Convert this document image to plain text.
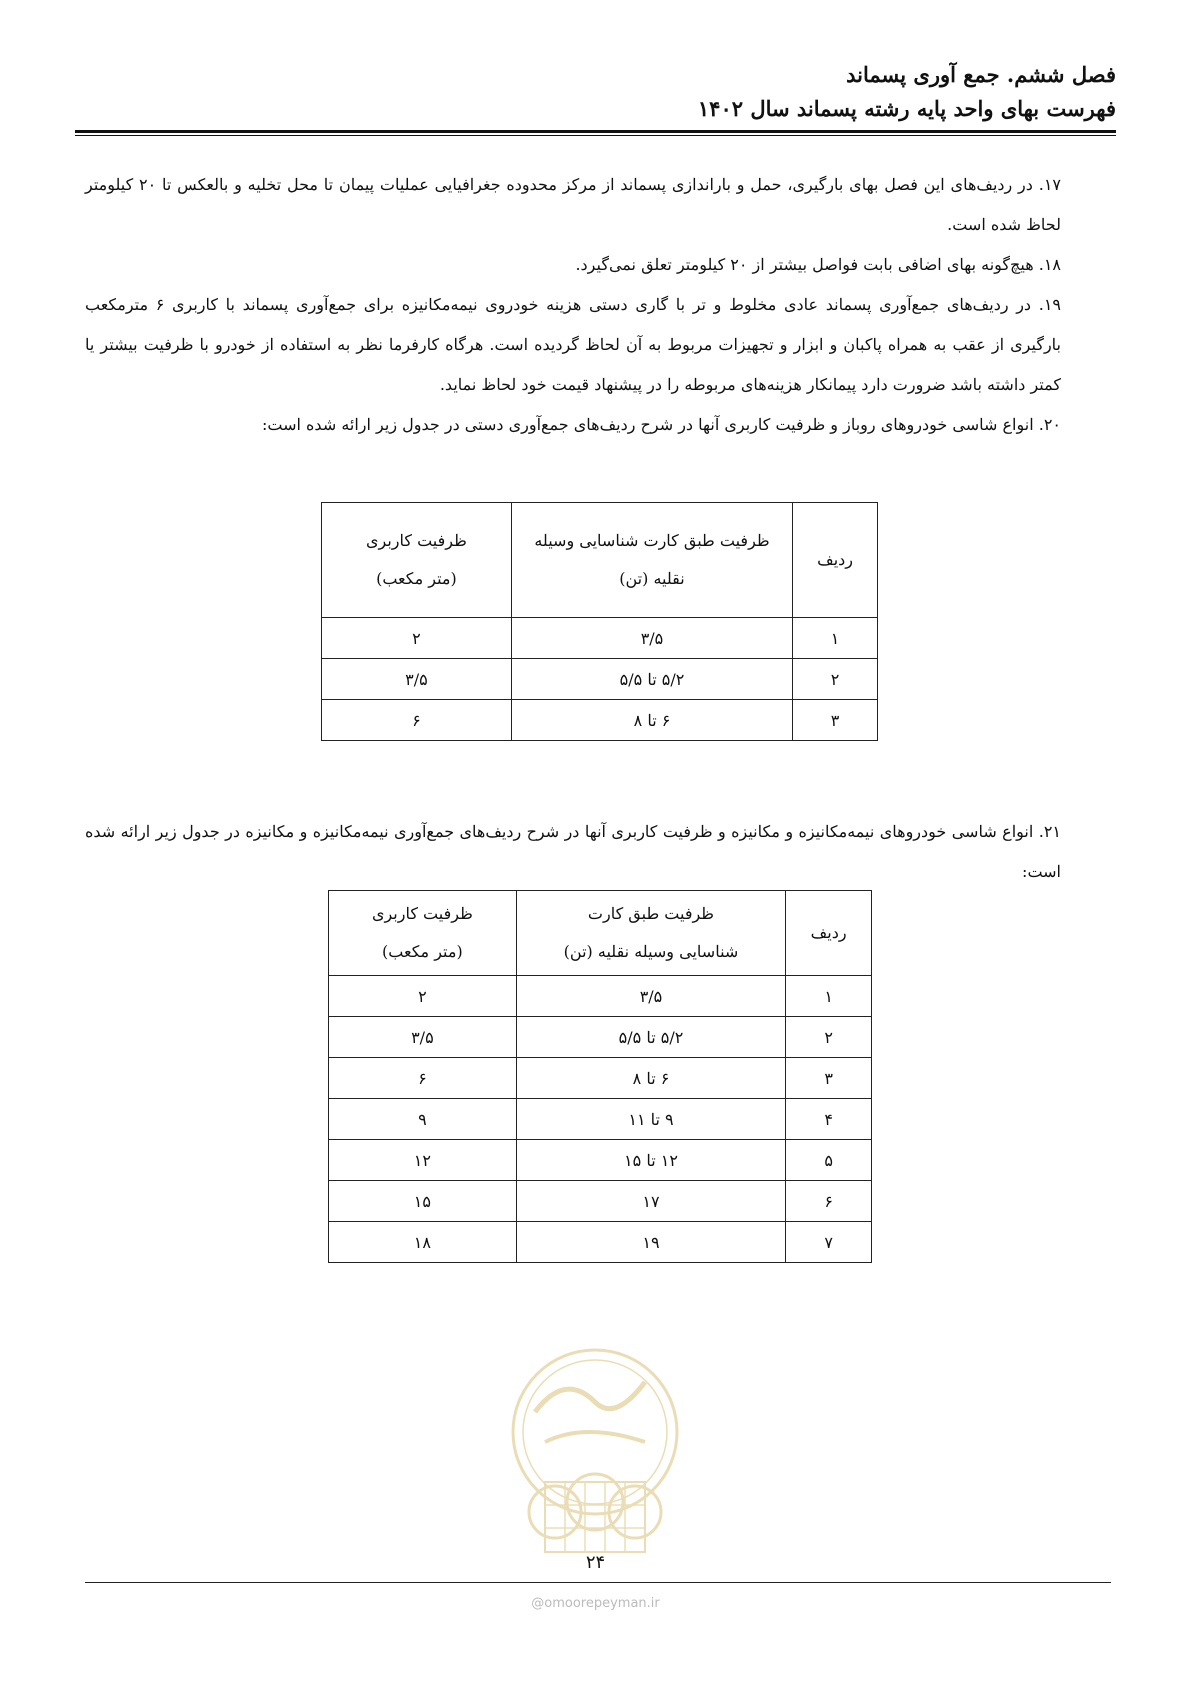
فصل ششم. جمع آوری پسماند
فهرست بهای واحد پایه رشته پسماند سال ۱۴۰۲

۱۷. در ردیف‌های این فصل بهای بارگیری، حمل و باراندازی پسماند از مرکز محدوده جغرافیایی عملیات پیمان تا محل تخلیه و بالعکس تا ۲۰ کیلومتر لحاظ شده است.

۱۸. هیچ‌گونه بهای اضافی بابت فواصل بیشتر از ۲۰ کیلومتر تعلق نمی‌گیرد.

۱۹. در ردیف‌های جمع‌آوری پسماند عادی مخلوط و تر با گاری دستی هزینه خودروی نیمه‌مکانیزه برای جمع‌آوری پسماند با کاربری ۶ مترمکعب بارگیری از عقب به همراه پاکبان و ابزار و تجهیزات مربوط به آن لحاظ گردیده است. هرگاه کارفرما نظر به استفاده از خودرو با ظرفیت بیشتر یا کمتر داشته باشد ضرورت دارد پیمانکار هزینه‌های مربوطه را در پیشنهاد قیمت خود لحاظ نماید.

۲۰. انواع شاسی خودروهای روباز و ظرفیت کاربری آنها در شرح ردیف‌های جمع‌آوری دستی در جدول زیر ارائه شده است:

ردیف	ظرفیت طبق کارت شناسایی وسیله نقلیه (تن)	ظرفیت کاربری (متر مکعب)
۱	۳/۵	۲
۲	۵/۲ تا ۵/۵	۳/۵
۳	۶ تا ۸	۶

۲۱. انواع شاسی خودروهای نیمه‌مکانیزه و مکانیزه و ظرفیت کاربری آنها در شرح ردیف‌های جمع‌آوری نیمه‌مکانیزه و مکانیزه در جدول زیر ارائه شده است:

ردیف	ظرفیت طبق کارت شناسایی وسیله نقلیه (تن)	ظرفیت کاربری (متر مکعب)
۱	۳/۵	۲
۲	۵/۲ تا ۵/۵	۳/۵
۳	۶ تا ۸	۶
۴	۹ تا ۱۱	۹
۵	۱۲ تا ۱۵	۱۲
۶	۱۷	۱۵
۷	۱۹	۱۸
۲۴
@omoorepeyman.ir
